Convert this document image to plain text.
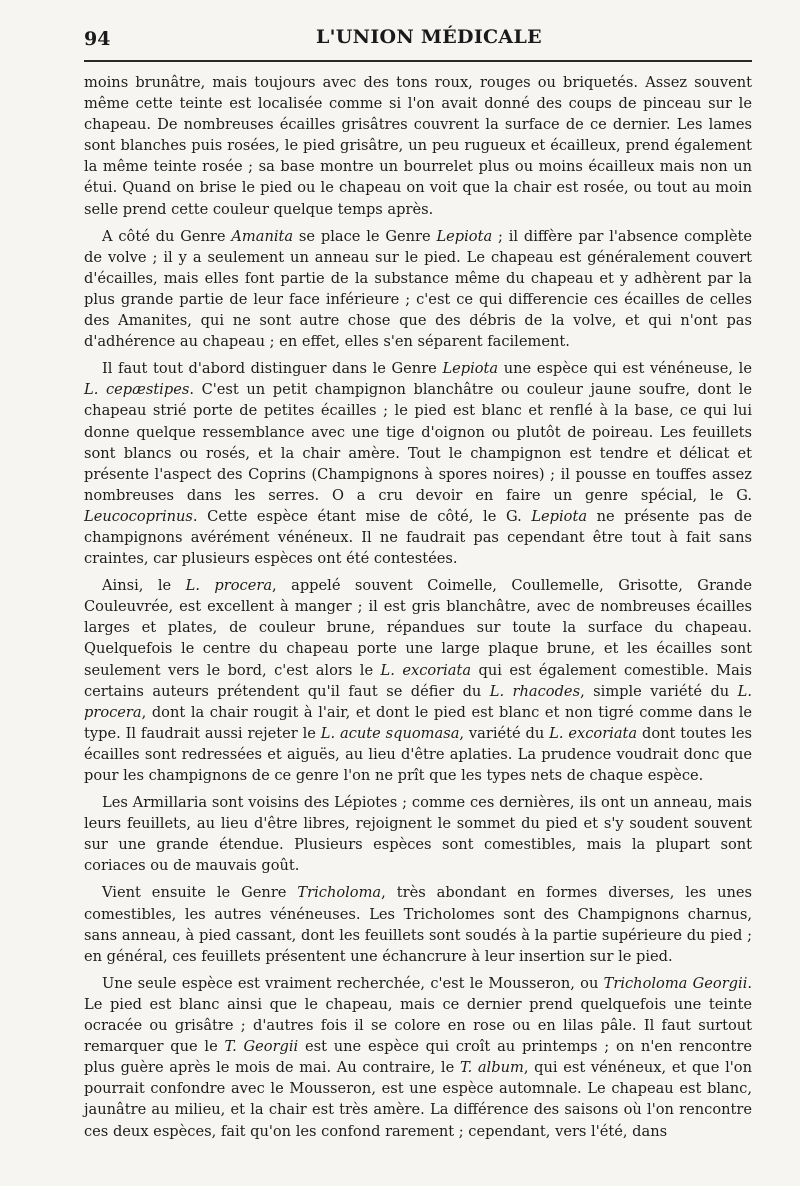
94	L'UNION MÉDICALE

moins brunâtre, mais toujours avec des tons roux, rouges ou briquetés. Assez souvent même cette teinte est localisée comme si l'on avait donné des coups de pinceau sur le chapeau. De nombreuses écailles grisâtres couvrent la surface de ce dernier. Les lames sont blanches puis rosées, le pied grisâtre, un peu rugueux et écailleux, prend également la même teinte rosée ; sa base montre un bourrelet plus ou moins écailleux mais non un étui. Quand on brise le pied ou le chapeau on voit que la chair est rosée, ou tout au moin selle prend cette couleur quelque temps après.

A côté du Genre Amanita se place le Genre Lepiota ; il diffère par l'absence complète de volve ; il y a seulement un anneau sur le pied. Le chapeau est généralement couvert d'écailles, mais elles font partie de la substance même du chapeau et y adhèrent par la plus grande partie de leur face inférieure ; c'est ce qui differencie ces écailles de celles des Amanites, qui ne sont autre chose que des débris de la volve, et qui n'ont pas d'adhérence au chapeau ; en effet, elles s'en séparent facilement.

Il faut tout d'abord distinguer dans le Genre Lepiota une espèce qui est vénéneuse, le L. cepæstipes. C'est un petit champignon blanchâtre ou couleur jaune soufre, dont le chapeau strié porte de petites écailles ; le pied est blanc et renflé à la base, ce qui lui donne quelque ressemblance avec une tige d'oignon ou plutôt de poireau. Les feuillets sont blancs ou rosés, et la chair amère. Tout le champignon est tendre et délicat et présente l'aspect des Coprins (Champignons à spores noires) ; il pousse en touffes assez nombreuses dans les serres. O a cru devoir en faire un genre spécial, le G. Leucocoprinus. Cette espèce étant mise de côté, le G. Lepiota ne présente pas de champignons avérément vénéneux. Il ne faudrait pas cependant être tout à fait sans craintes, car plusieurs espèces ont été contestées.

Ainsi, le L. procera, appelé souvent Coimelle, Coullemelle, Grisotte, Grande Couleuvrée, est excellent à manger ; il est gris blanchâtre, avec de nombreuses écailles larges et plates, de couleur brune, répandues sur toute la surface du chapeau. Quelquefois le centre du chapeau porte une large plaque brune, et les écailles sont seulement vers le bord, c'est alors le L. excoriata qui est également comestible. Mais certains auteurs prétendent qu'il faut se défier du L. rhacodes, simple variété du L. procera, dont la chair rougit à l'air, et dont le pied est blanc et non tigré comme dans le type. Il faudrait aussi rejeter le L. acute squomasa, variété du L. excoriata dont toutes les écailles sont redressées et aiguës, au lieu d'être aplaties. La prudence voudrait donc que pour les champignons de ce genre l'on ne prît que les types nets de chaque espèce.

Les Armillaria sont voisins des Lépiotes ; comme ces dernières, ils ont un anneau, mais leurs feuillets, au lieu d'être libres, rejoignent le sommet du pied et s'y soudent souvent sur une grande étendue. Plusieurs espèces sont comestibles, mais la plupart sont coriaces ou de mauvais goût.

Vient ensuite le Genre Tricholoma, très abondant en formes diverses, les unes comestibles, les autres vénéneuses. Les Tricholomes sont des Champignons charnus, sans anneau, à pied cassant, dont les feuillets sont soudés à la partie supérieure du pied ; en général, ces feuillets présentent une échancrure à leur insertion sur le pied.

Une seule espèce est vraiment recherchée, c'est le Mousseron, ou Tricholoma Georgii. Le pied est blanc ainsi que le chapeau, mais ce dernier prend quelquefois une teinte ocracée ou grisâtre ; d'autres fois il se colore en rose ou en lilas pâle. Il faut surtout remarquer que le T. Georgii est une espèce qui croît au printemps ; on n'en rencontre plus guère après le mois de mai. Au contraire, le T. album, qui est vénéneux, et que l'on pourrait confondre avec le Mousseron, est une espèce automnale. Le chapeau est blanc, jaunâtre au milieu, et la chair est très amère. La différence des saisons où l'on rencontre ces deux espèces, fait qu'on les confond rarement ; cependant, vers l'été, dans
